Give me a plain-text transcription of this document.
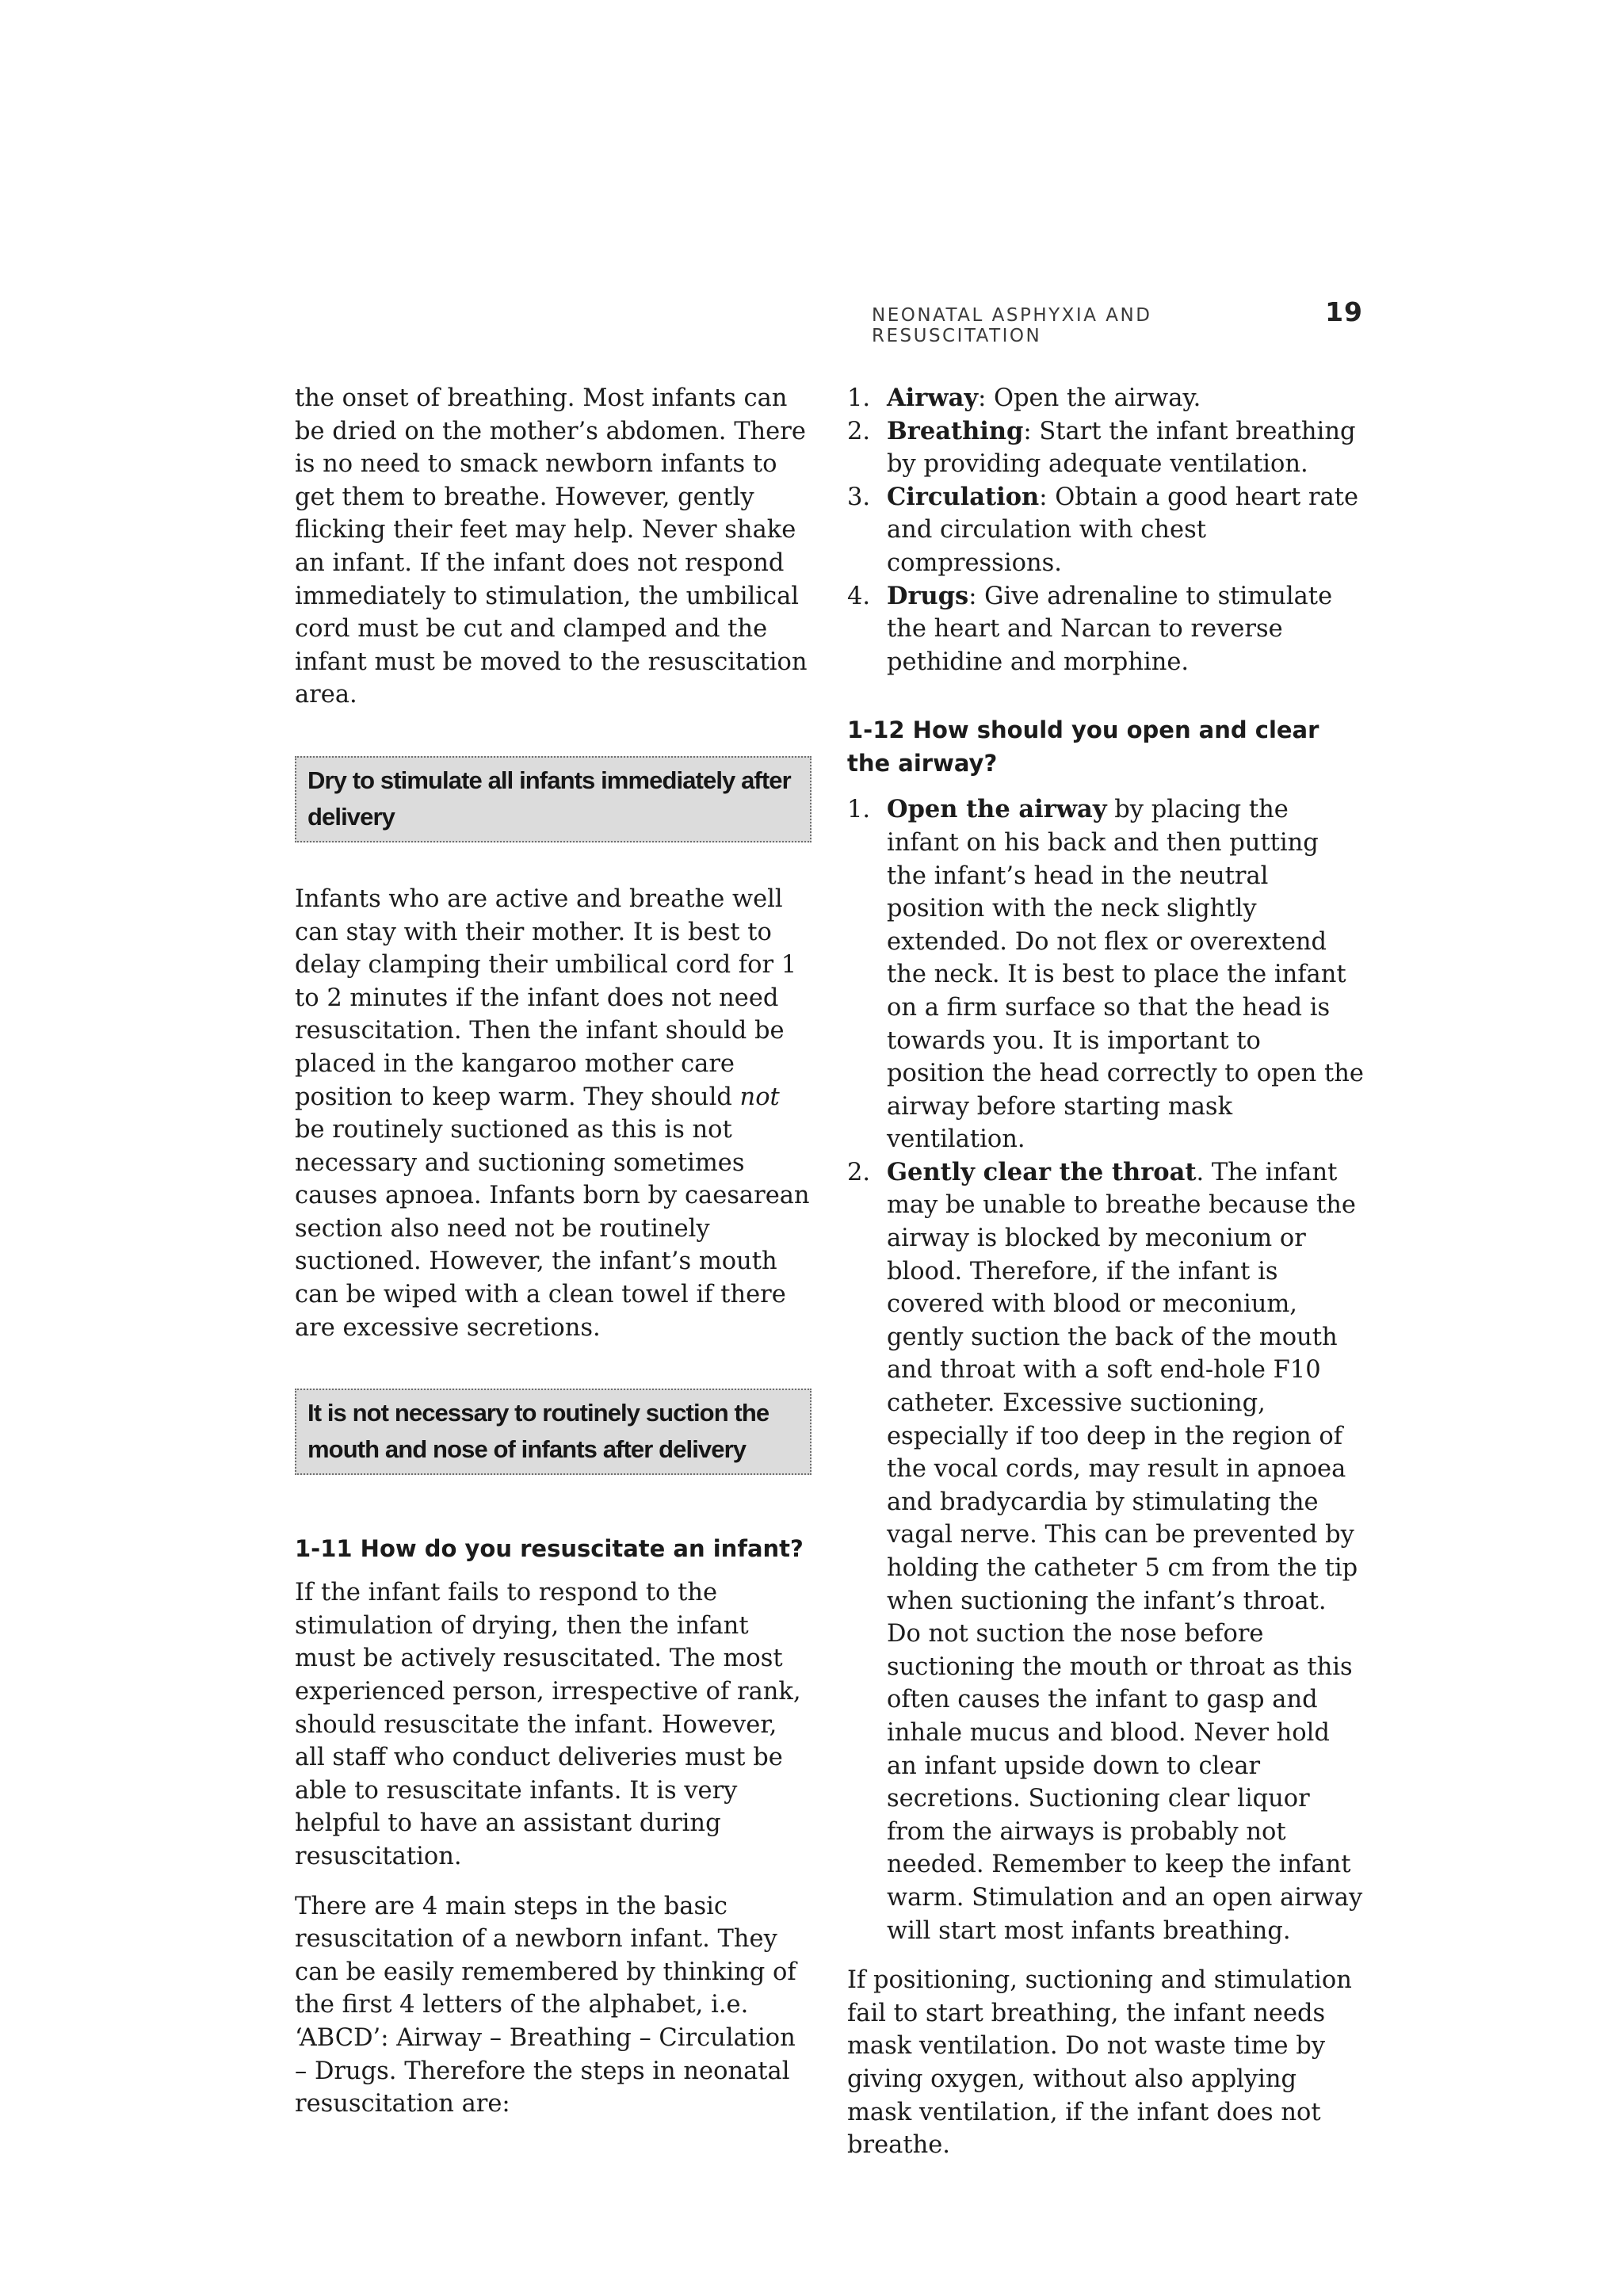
NEONATAL ASPHYXIA AND RESUSCITATION
19

the onset of breathing. Most infants can be dried on the mother’s abdomen. There is no need to smack newborn infants to get them to breathe. However, gently flicking their feet may help. Never shake an infant. If the infant does not respond immediately to stimulation, the umbilical cord must be cut and clamped and the infant must be moved to the resuscitation area.

Dry to stimulate all infants immediately after delivery

Infants who are active and breathe well can stay with their mother. It is best to delay clamping their umbilical cord for 1 to 2 minutes if the infant does not need resuscitation. Then the infant should be placed in the kangaroo mother care position to keep warm. They should not be routinely suctioned as this is not necessary and suctioning sometimes causes apnoea. Infants born by caesarean section also need not be routinely suctioned. However, the infant’s mouth can be wiped with a clean towel if there are excessive secretions.

It is not necessary to routinely suction the mouth and nose of infants after delivery
1-11 How do you resuscitate an infant?

If the infant fails to respond to the stimulation of drying, then the infant must be actively resuscitated. The most experienced person, irrespective of rank, should resuscitate the infant. However, all staff who conduct deliveries must be able to resuscitate infants. It is very helpful to have an assistant during resuscitation.

There are 4 main steps in the basic resuscitation of a newborn infant. They can be easily remembered by thinking of the first 4 letters of the alphabet, i.e. ‘ABCD’: Airway – Breathing – Circulation – Drugs. Therefore the steps in neonatal resuscitation are:

1. Airway: Open the airway.
2. Breathing: Start the infant breathing by providing adequate ventilation.
3. Circulation: Obtain a good heart rate and circulation with chest compressions.
4. Drugs: Give adrenaline to stimulate the heart and Narcan to reverse pethidine and morphine.
1-12 How should you open and clear the airway?
1. Open the airway by placing the infant on his back and then putting the infant’s head in the neutral position with the neck slightly extended. Do not flex or overextend the neck. It is best to place the infant on a firm surface so that the head is towards you. It is important to position the head correctly to open the airway before starting mask ventilation.
2. Gently clear the throat. The infant may be unable to breathe because the airway is blocked by meconium or blood. Therefore, if the infant is covered with blood or meconium, gently suction the back of the mouth and throat with a soft end-hole F10 catheter. Excessive suctioning, especially if too deep in the region of the vocal cords, may result in apnoea and bradycardia by stimulating the vagal nerve. This can be prevented by holding the catheter 5 cm from the tip when suctioning the infant’s throat. Do not suction the nose before suctioning the mouth or throat as this often causes the infant to gasp and inhale mucus and blood. Never hold an infant upside down to clear secretions. Suctioning clear liquor from the airways is probably not needed. Remember to keep the infant warm. Stimulation and an open airway will start most infants breathing.

If positioning, suctioning and stimulation fail to start breathing, the infant needs mask ventilation. Do not waste time by giving oxygen, without also applying mask ventilation, if the infant does not breathe.
